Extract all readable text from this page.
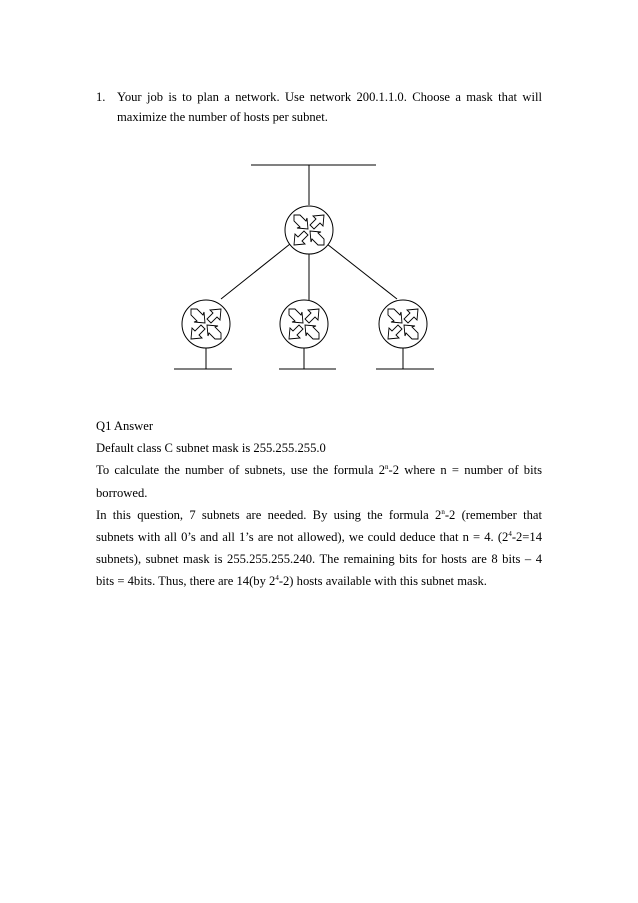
1. Your job is to plan a network. Use network 200.1.1.0. Choose a mask that will
maximize the number of hosts per subnet.

Q1 Answer

Default class C subnet mask is 255.255.255.0

To calculate the number of subnets, use the formula 2$^n$-2 where n = number of bits

borrowed.

In this question, 7 subnets are needed. By using the formula 2$^n$-2 (remember that

subnets with all 0’s and all 1’s are not allowed), we could deduce that n = 4. ($2^4-2=14$

subnets), subnet mask is 255.255.255.240. The remaining bits for hosts are 8 bits – 4

bits = 4bits. Thus, there are 14(by $2^4-2$) hosts available with this subnet mask.
